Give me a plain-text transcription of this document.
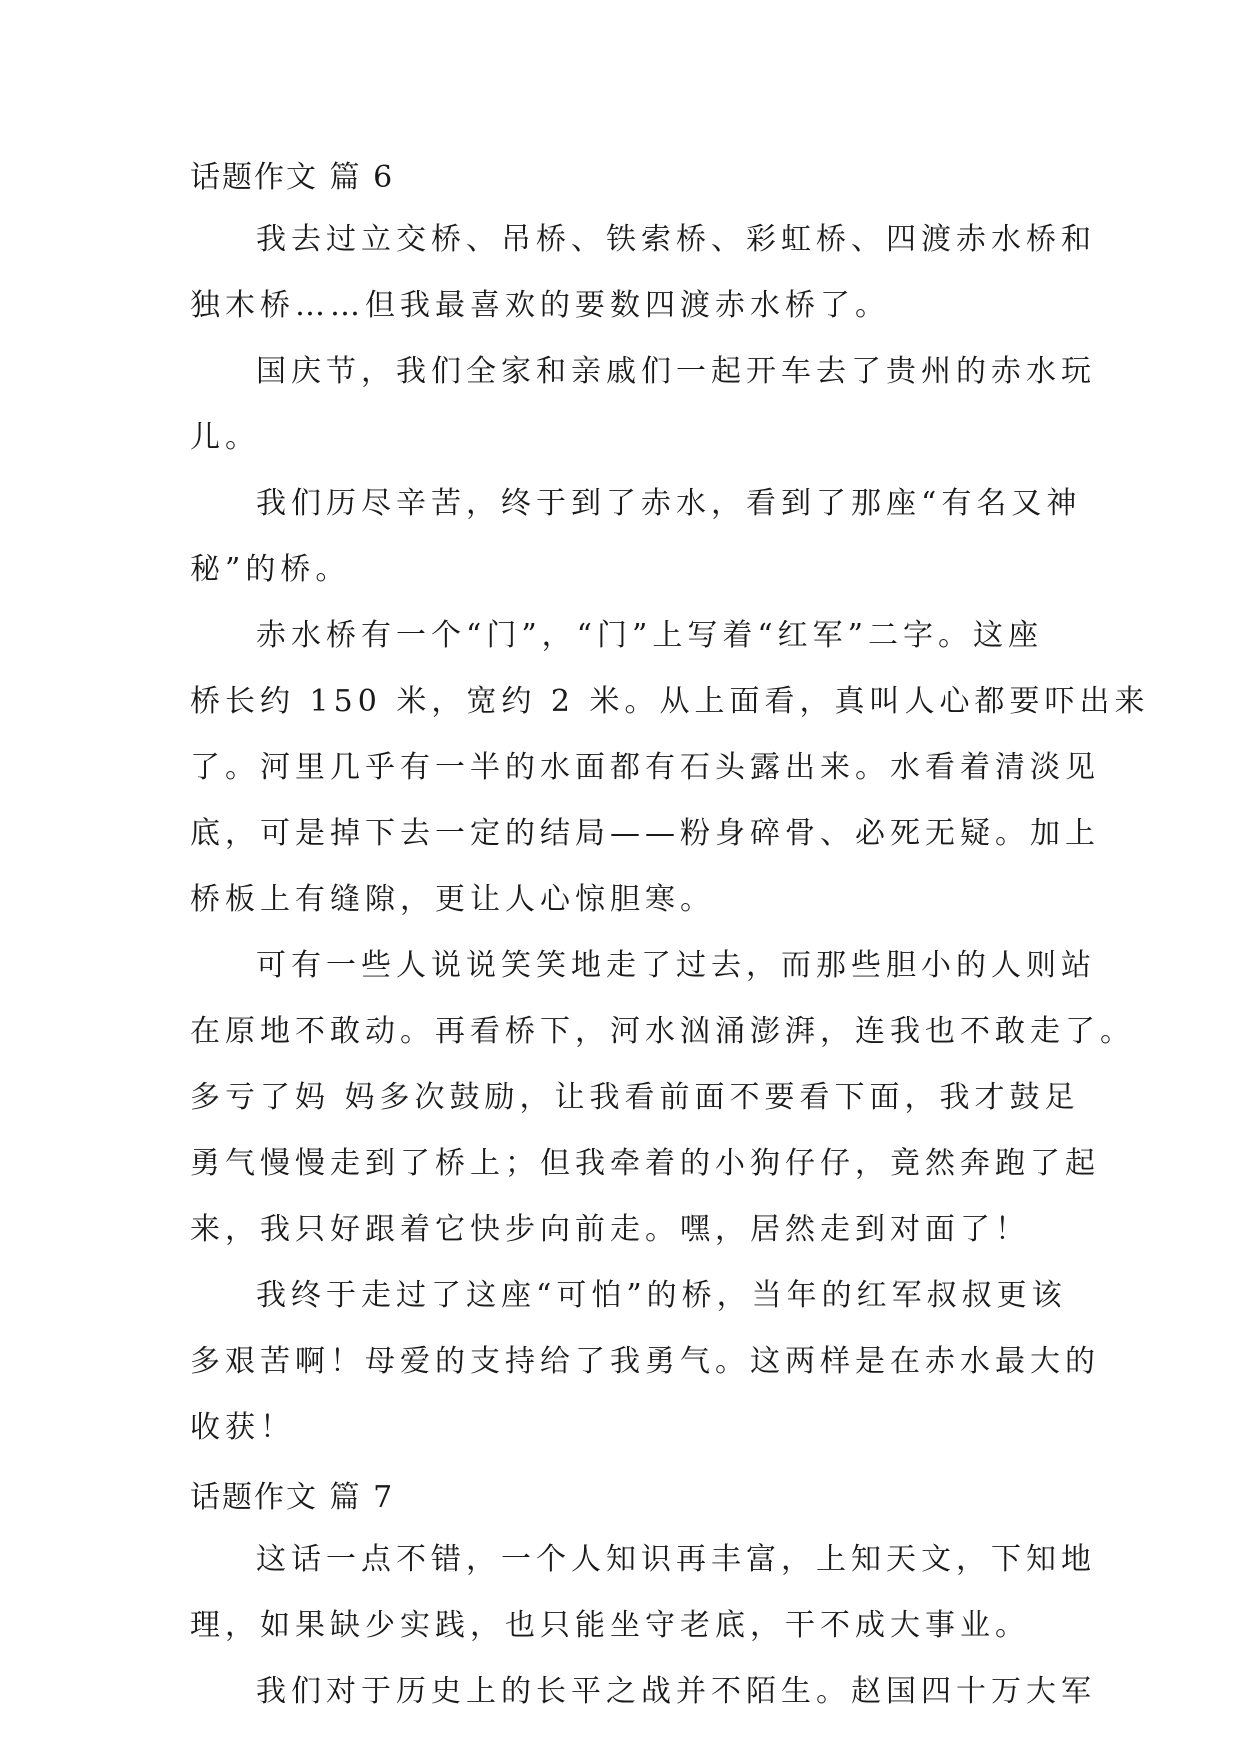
话题作文 篇 6
我去过立交桥、吊桥、铁索桥、彩虹桥、四渡赤水桥和
独木桥……但我最喜欢的要数四渡赤水桥了。
国庆节，我们全家和亲戚们一起开车去了贵州的赤水玩
儿。
我们历尽辛苦，终于到了赤水，看到了那座“有名又神
秘”的桥。
赤水桥有一个“门”，“门”上写着“红军”二字。这座
桥长约 150 米，宽约 2 米。从上面看，真叫人心都要吓出来
了。河里几乎有一半的水面都有石头露出来。水看着清淡见
底，可是掉下去一定的结局——粉身碎骨、必死无疑。加上
桥板上有缝隙，更让人心惊胆寒。
可有一些人说说笑笑地走了过去，而那些胆小的人则站
在原地不敢动。再看桥下，河水汹涌澎湃，连我也不敢走了。
多亏了妈 妈多次鼓励，让我看前面不要看下面，我才鼓足
勇气慢慢走到了桥上；但我牵着的小狗仔仔，竟然奔跑了起
来，我只好跟着它快步向前走。嘿，居然走到对面了！
我终于走过了这座“可怕”的桥，当年的红军叔叔更该
多艰苦啊！母爱的支持给了我勇气。这两样是在赤水最大的
收获！
话题作文 篇 7
这话一点不错，一个人知识再丰富，上知天文，下知地
理，如果缺少实践，也只能坐守老底，干不成大事业。
我们对于历史上的长平之战并不陌生。赵国四十万大军
